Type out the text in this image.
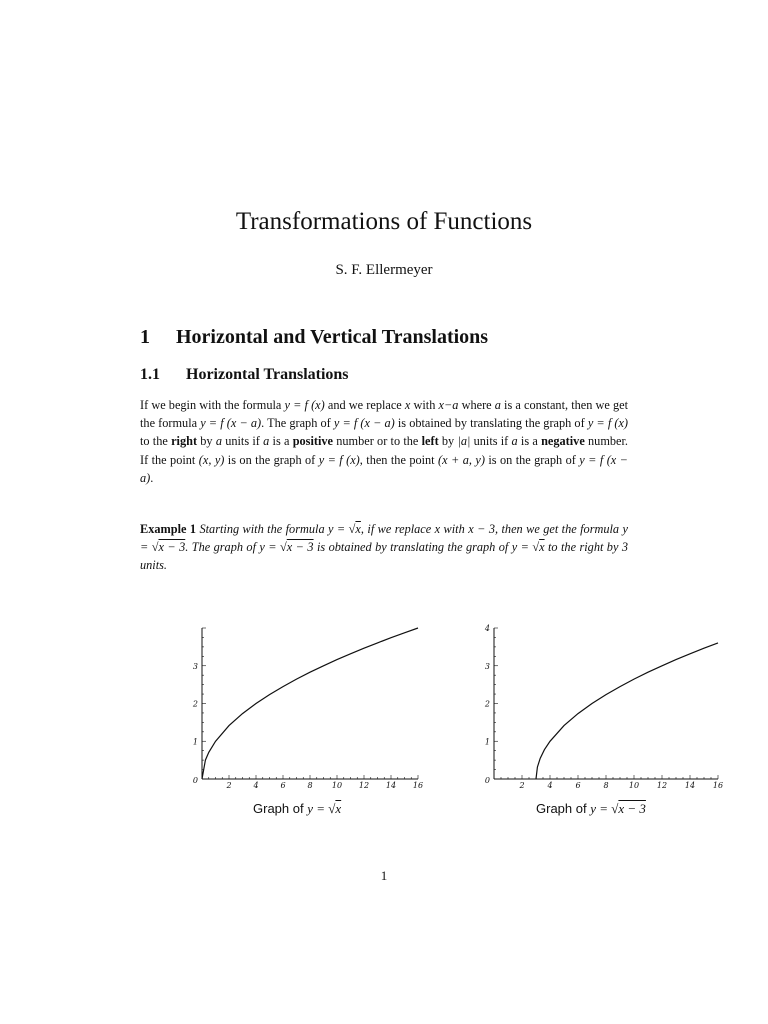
Transformations of Functions
S. F. Ellermeyer
1 Horizontal and Vertical Translations
1.1 Horizontal Translations
If we begin with the formula y = f (x) and we replace x with x−a where a is a constant, then we get the formula y = f (x − a). The graph of y = f (x − a) is obtained by translating the graph of y = f (x) to the right by a units if a is a positive number or to the left by |a| units if a is a negative number. If the point (x, y) is on the graph of y = f (x), then the point (x + a, y) is on the graph of y = f (x − a).
Example 1 Starting with the formula y = √x, if we replace x with x − 3, then we get the formula y = √x − 3. The graph of y = √x − 3 is obtained by translating the graph of y = √x to the right by 3 units.
2	4	6	8 10 12 14 16
1
2
3
0
2	4	6	8	10 12 14 16
1
2
3
4
0
Graph of y = √x	Graph of y = √x − 3
1
